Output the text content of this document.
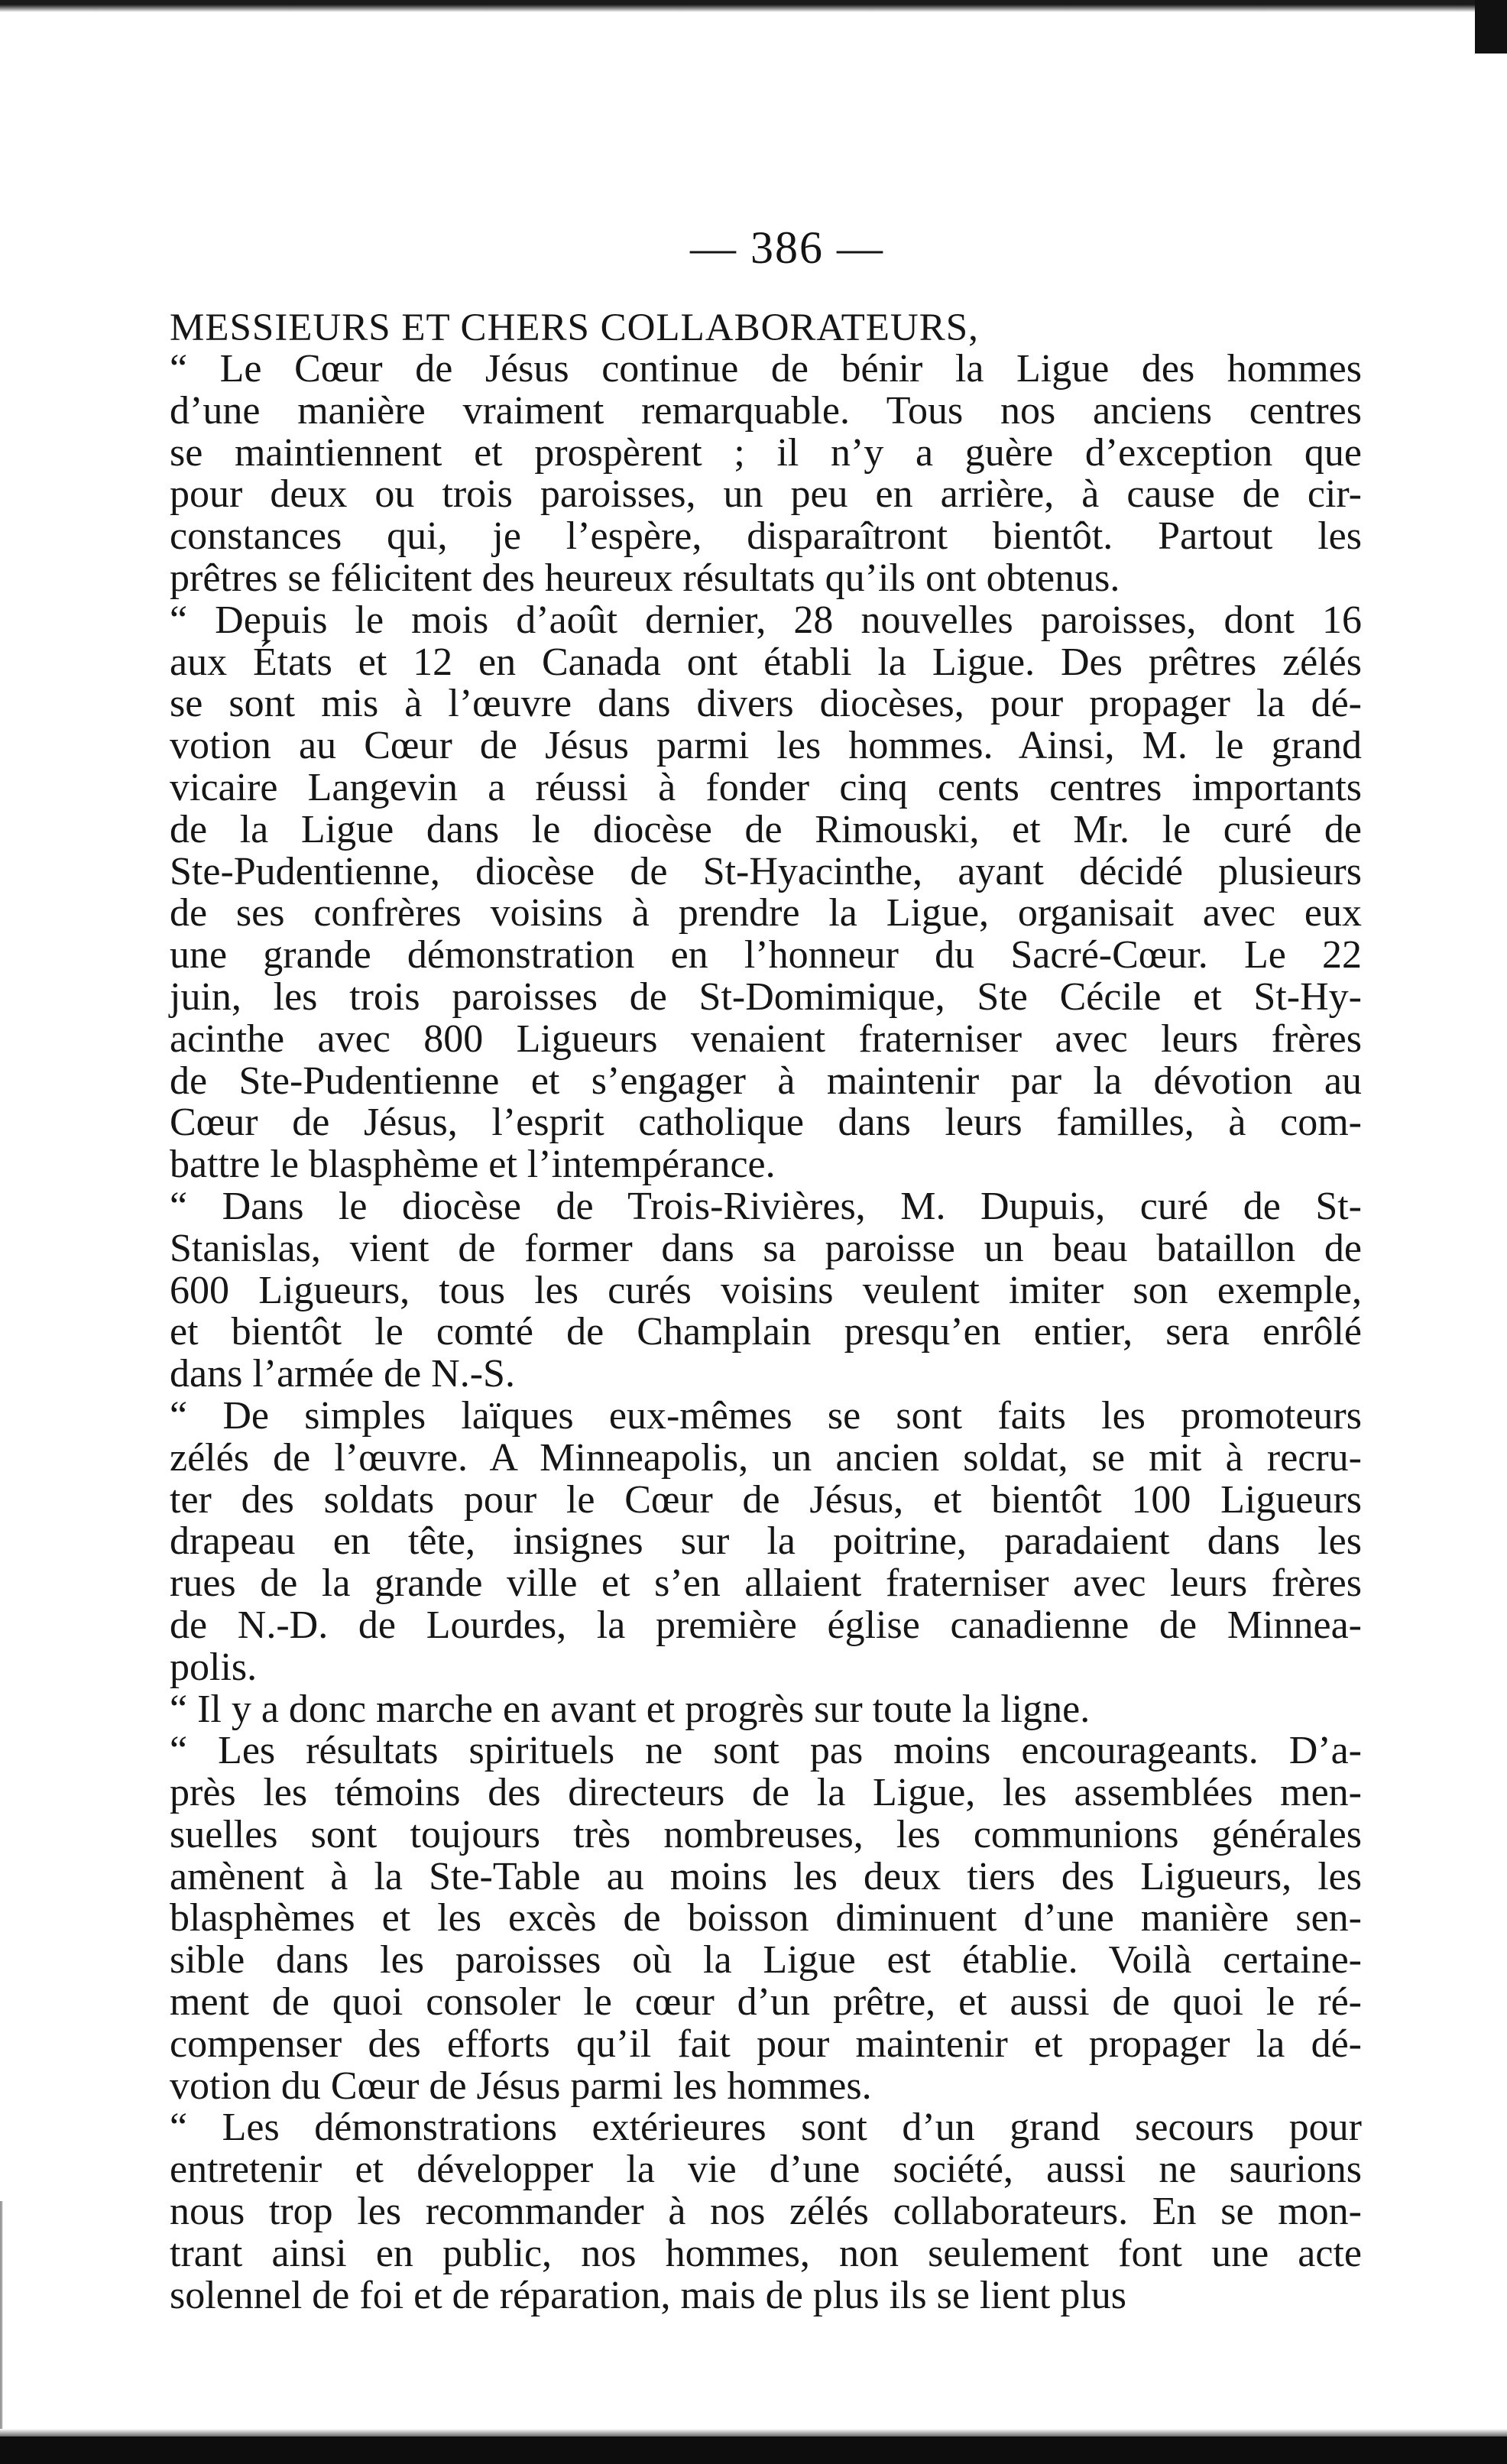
— 386 —

MESSIEURS ET CHERS COLLABORATEURS,

“ Le Cœur de Jésus continue de bénir la Ligue des hommes
d’une manière vraiment remarquable. Tous nos anciens centres
se maintiennent et prospèrent ; il n’y a guère d’exception que
pour deux ou trois paroisses, un peu en arrière, à cause de cir-
constances qui, je l’espère, disparaîtront bientôt. Partout les
prêtres se félicitent des heureux résultats qu’ils ont obtenus.
“ Depuis le mois d’août dernier, 28 nouvelles paroisses, dont 16
aux États et 12 en Canada ont établi la Ligue. Des prêtres zélés
se sont mis à l’œuvre dans divers diocèses, pour propager la dé-
votion au Cœur de Jésus parmi les hommes. Ainsi, M. le grand
vicaire Langevin a réussi à fonder cinq cents centres importants
de la Ligue dans le diocèse de Rimouski, et Mr. le curé de
Ste-Pudentienne, diocèse de St-Hyacinthe, ayant décidé plusieurs
de ses confrères voisins à prendre la Ligue, organisait avec eux
une grande démonstration en l’honneur du Sacré-Cœur. Le 22
juin, les trois paroisses de St-Domimique, Ste Cécile et St-Hy-
acinthe avec 800 Ligueurs venaient fraterniser avec leurs frères
de Ste-Pudentienne et s’engager à maintenir par la dévotion au
Cœur de Jésus, l’esprit catholique dans leurs familles, à com-
battre le blasphème et l’intempérance.
“ Dans le diocèse de Trois-Rivières, M. Dupuis, curé de St-
Stanislas, vient de former dans sa paroisse un beau bataillon de
600 Ligueurs, tous les curés voisins veulent imiter son exemple,
et bientôt le comté de Champlain presqu’en entier, sera enrôlé
dans l’armée de N.-S.
“ De simples laïques eux-mêmes se sont faits les promoteurs
zélés de l’œuvre. A Minneapolis, un ancien soldat, se mit à recru-
ter des soldats pour le Cœur de Jésus, et bientôt 100 Ligueurs
drapeau en tête, insignes sur la poitrine, paradaient dans les
rues de la grande ville et s’en allaient fraterniser avec leurs frères
de N.-D. de Lourdes, la première église canadienne de Minnea-
polis.
“ Il y a donc marche en avant et progrès sur toute la ligne.
“ Les résultats spirituels ne sont pas moins encourageants. D’a-
près les témoins des directeurs de la Ligue, les assemblées men-
suelles sont toujours très nombreuses, les communions générales
amènent à la Ste-Table au moins les deux tiers des Ligueurs, les
blasphèmes et les excès de boisson diminuent d’une manière sen-
sible dans les paroisses où la Ligue est établie. Voilà certaine-
ment de quoi consoler le cœur d’un prêtre, et aussi de quoi le ré-
compenser des efforts qu’il fait pour maintenir et propager la dé-
votion du Cœur de Jésus parmi les hommes.
“ Les démonstrations extérieures sont d’un grand secours pour
entretenir et développer la vie d’une société, aussi ne saurions
nous trop les recommander à nos zélés collaborateurs. En se mon-
trant ainsi en public, nos hommes, non seulement font une acte
solennel de foi et de réparation, mais de plus ils se lient plus
